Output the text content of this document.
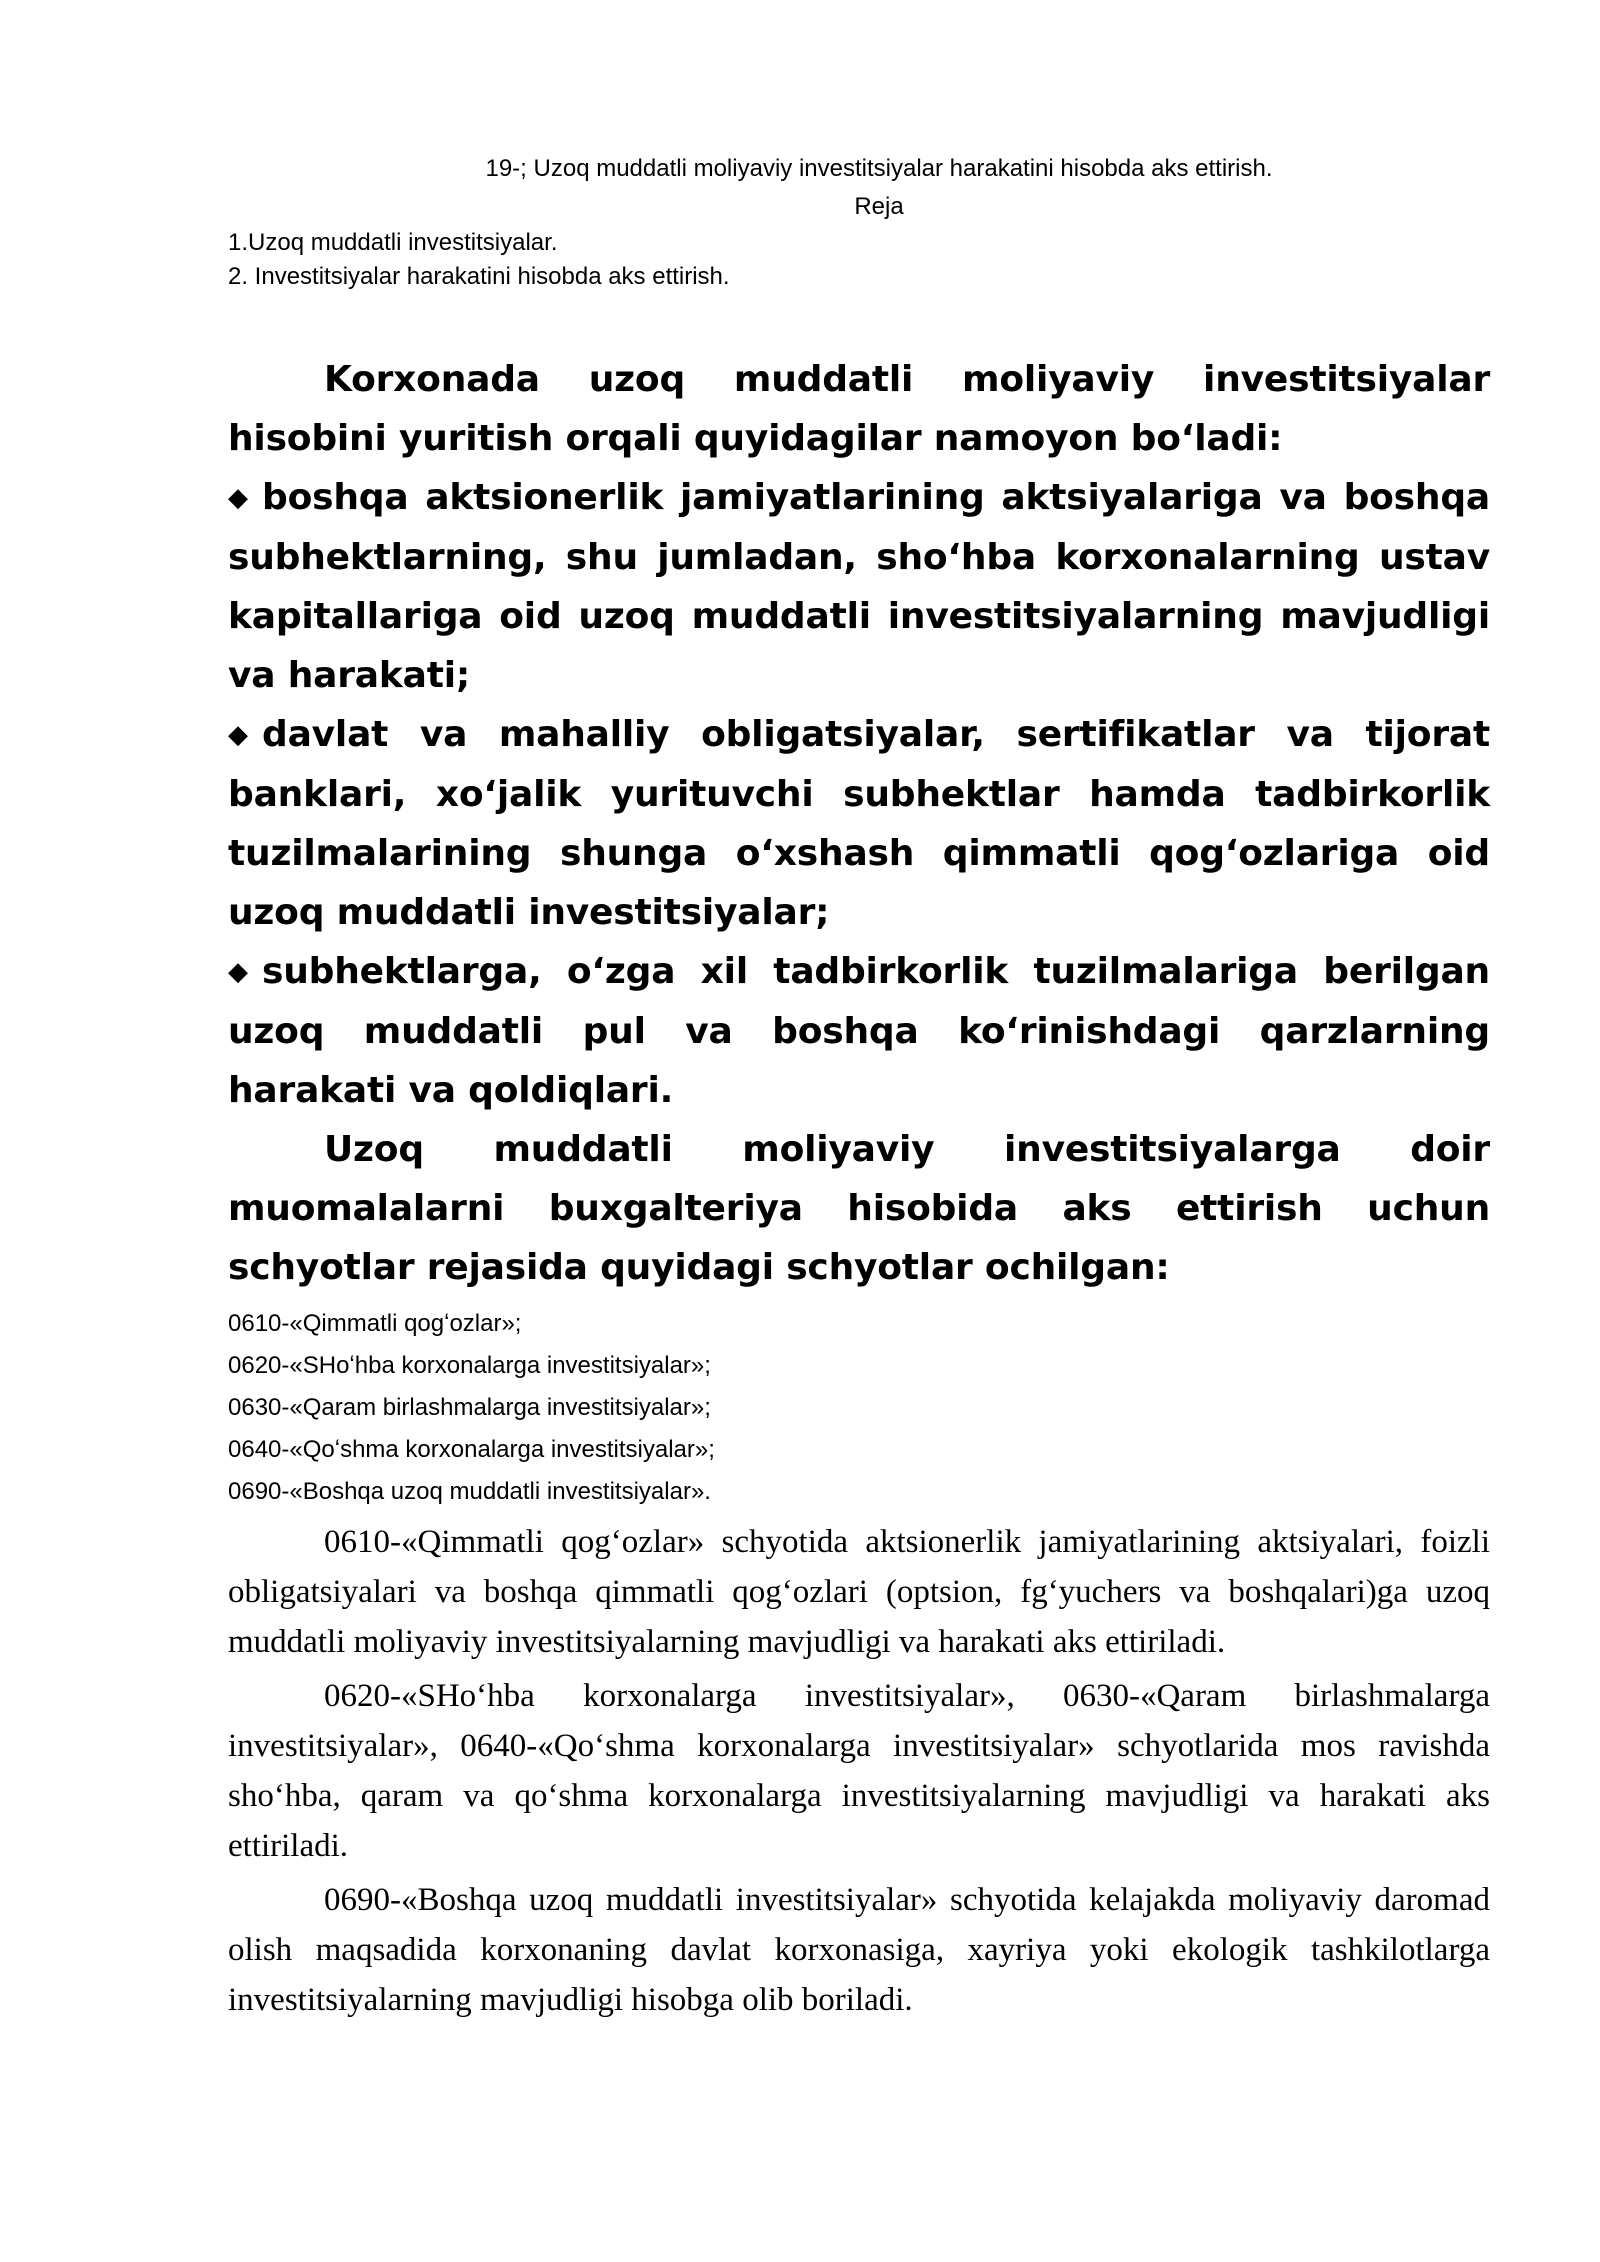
19-; Uzoq muddatli moliyaviy investitsiyalar harakatini hisobda aks ettirish.

Reja

1.Uzoq muddatli investitsiyalar.
2. Investitsiyalar harakatini hisobda aks ettirish.

Korxonada uzoq muddatli moliyaviy investitsiyalar hisobini yuritish orqali quyidagilar namoyon bo‘ladi:

◆ boshqa aktsionerlik jamiyatlarining aktsiyalariga va boshqa subhektlarning, shu jumladan, sho‘hba korxonalarning ustav kapitallariga oid uzoq muddatli investitsiyalarning mavjudligi va harakati;

◆ davlat va mahalliy obligatsiyalar, sertifikatlar va tijorat banklari, xo‘jalik yurituvchi subhektlar hamda tadbirkorlik tuzilmalarining shunga o‘xshash qimmatli qog‘ozlariga oid uzoq muddatli investitsiyalar;

◆ subhektlarga, o‘zga xil tadbirkorlik tuzilmalariga berilgan uzoq muddatli pul va boshqa ko‘rinishdagi qarzlarning harakati va qoldiqlari.

Uzoq muddatli moliyaviy investitsiyalarga doir muomalalarni buxgalteriya hisobida aks ettirish uchun schyotlar rejasida quyidagi schyotlar ochilgan:

0610-«Qimmatli qogʻozlar»;
0620-«SHoʻhba korxonalarga investitsiyalar»;
0630-«Qaram birlashmalarga investitsiyalar»;
0640-«Qoʻshma korxonalarga investitsiyalar»;
0690-«Boshqa uzoq muddatli investitsiyalar».

0610-«Qimmatli qogʻozlar» schyotida aktsionerlik jamiyatlarining aktsiyalari, foizli obligatsiyalari va boshqa qimmatli qogʻozlari (optsion, fgʻyuchers va boshqalari)ga uzoq muddatli moliyaviy investitsiyalarning mavjudligi va harakati aks ettiriladi.

0620-«SHoʻhba korxonalarga investitsiyalar», 0630-«Qaram birlashmalarga investitsiyalar», 0640-«Qoʻshma korxonalarga investitsiyalar» schyotlarida mos ravishda shoʻhba, qaram va qoʻshma korxonalarga investitsiyalarning mavjudligi va harakati aks ettiriladi.

0690-«Boshqa uzoq muddatli investitsiyalar» schyotida kelajakda moliyaviy daromad olish maqsadida korxonaning davlat korxonasiga, xayriya yoki ekologik tashkilotlarga investitsiyalarning mavjudligi hisobga olib boriladi.
